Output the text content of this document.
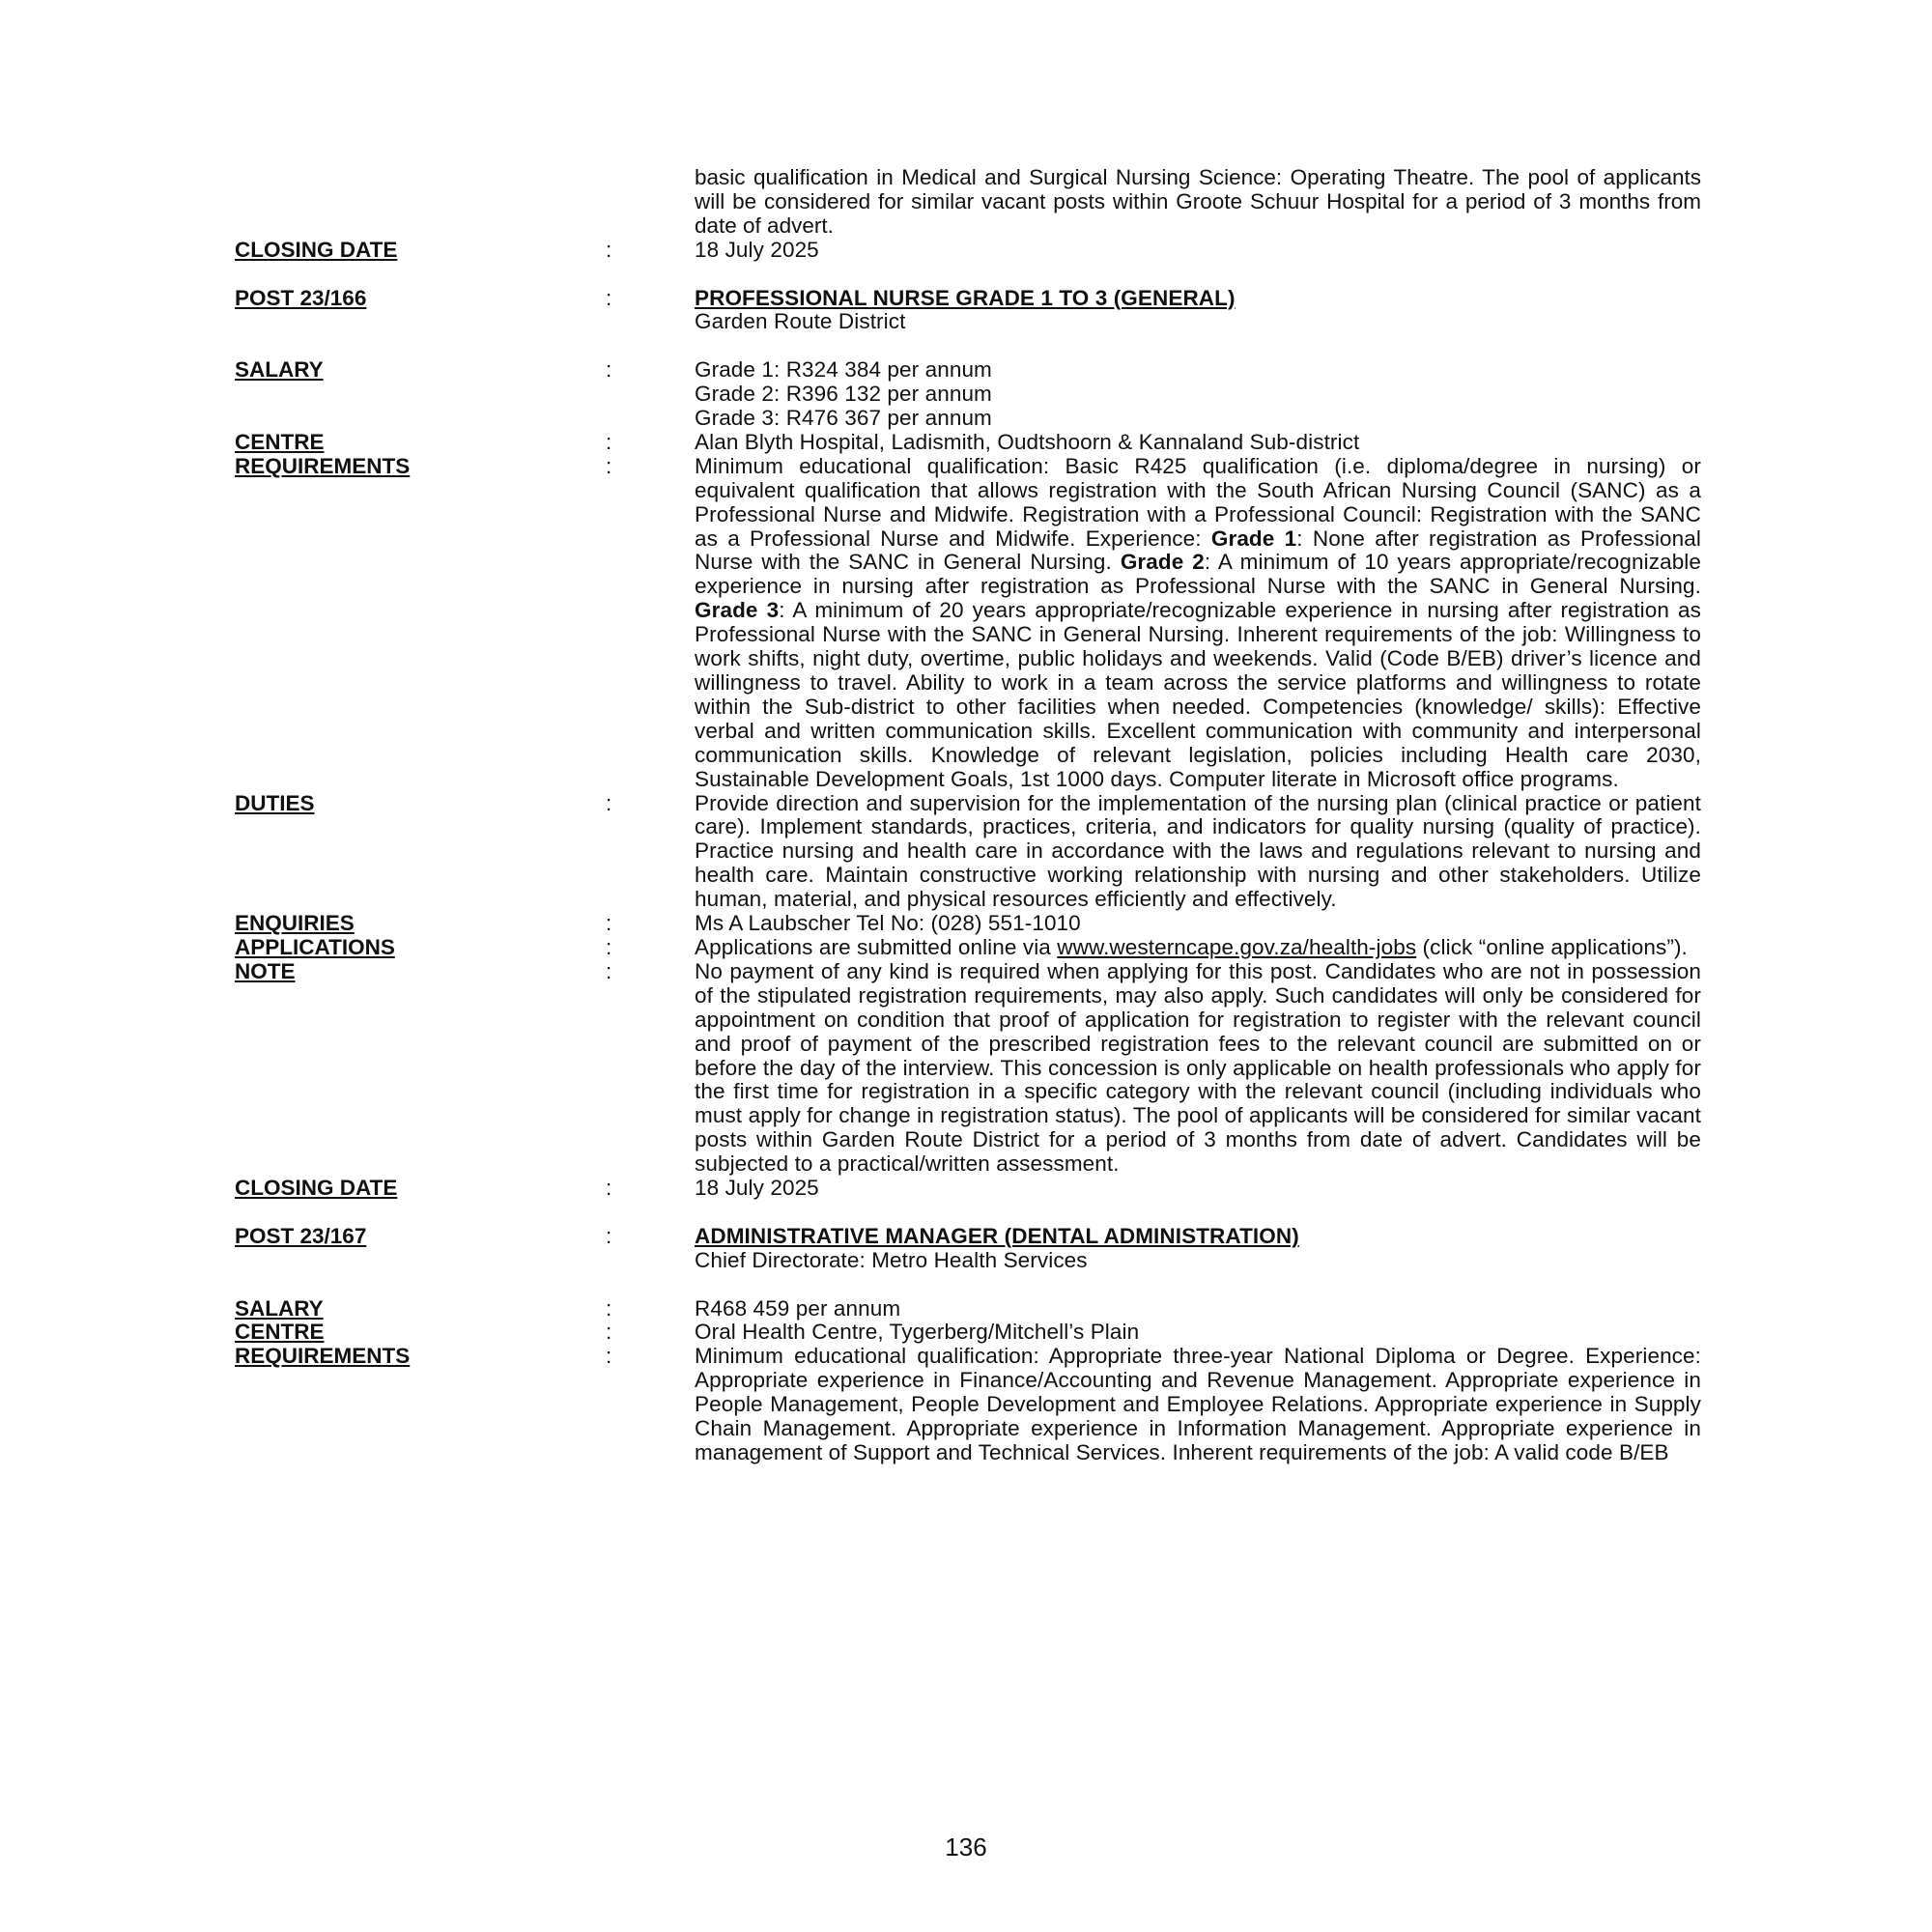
basic qualification in Medical and Surgical Nursing Science: Operating Theatre. The pool of applicants will be considered for similar vacant posts within Groote Schuur Hospital for a period of 3 months from date of advert.
CLOSING DATE	:	18 July 2025
POST 23/166	:	PROFESSIONAL NURSE GRADE 1 TO 3 (GENERAL)
Garden Route District
SALARY	:	Grade 1: R324 384 per annum
Grade 2: R396 132 per annum
Grade 3: R476 367 per annum
CENTRE	:	Alan Blyth Hospital, Ladismith, Oudtshoorn & Kannaland Sub-district
REQUIREMENTS	:	Minimum educational qualification: Basic R425 qualification (i.e. diploma/degree in nursing) or equivalent qualification that allows registration with the South African Nursing Council (SANC) as a Professional Nurse and Midwife. Registration with a Professional Council: Registration with the SANC as a Professional Nurse and Midwife. Experience: Grade 1: None after registration as Professional Nurse with the SANC in General Nursing. Grade 2: A minimum of 10 years appropriate/recognizable experience in nursing after registration as Professional Nurse with the SANC in General Nursing. Grade 3: A minimum of 20 years appropriate/recognizable experience in nursing after registration as Professional Nurse with the SANC in General Nursing. Inherent requirements of the job: Willingness to work shifts, night duty, overtime, public holidays and weekends. Valid (Code B/EB) driver’s licence and willingness to travel. Ability to work in a team across the service platforms and willingness to rotate within the Sub-district to other facilities when needed. Competencies (knowledge/ skills): Effective verbal and written communication skills. Excellent communication with community and interpersonal communication skills. Knowledge of relevant legislation, policies including Health care 2030, Sustainable Development Goals, 1st 1000 days. Computer literate in Microsoft office programs.
DUTIES	:	Provide direction and supervision for the implementation of the nursing plan (clinical practice or patient care). Implement standards, practices, criteria, and indicators for quality nursing (quality of practice). Practice nursing and health care in accordance with the laws and regulations relevant to nursing and health care. Maintain constructive working relationship with nursing and other stakeholders. Utilize human, material, and physical resources efficiently and effectively.
ENQUIRIES	:	Ms A Laubscher Tel No: (028) 551-1010
APPLICATIONS	:	Applications are submitted online via www.westerncape.gov.za/health-jobs (click “online applications”).
NOTE	:	No payment of any kind is required when applying for this post. Candidates who are not in possession of the stipulated registration requirements, may also apply. Such candidates will only be considered for appointment on condition that proof of application for registration to register with the relevant council and proof of payment of the prescribed registration fees to the relevant council are submitted on or before the day of the interview. This concession is only applicable on health professionals who apply for the first time for registration in a specific category with the relevant council (including individuals who must apply for change in registration status). The pool of applicants will be considered for similar vacant posts within Garden Route District for a period of 3 months from date of advert. Candidates will be subjected to a practical/written assessment.
CLOSING DATE	:	18 July 2025
POST 23/167	:	ADMINISTRATIVE MANAGER (DENTAL ADMINISTRATION)
Chief Directorate: Metro Health Services
SALARY	:	R468 459 per annum
CENTRE	:	Oral Health Centre, Tygerberg/Mitchell’s Plain
REQUIREMENTS	:	Minimum educational qualification: Appropriate three-year National Diploma or Degree. Experience: Appropriate experience in Finance/Accounting and Revenue Management. Appropriate experience in People Management, People Development and Employee Relations. Appropriate experience in Supply Chain Management. Appropriate experience in Information Management. Appropriate experience in management of Support and Technical Services. Inherent requirements of the job: A valid code B/EB
136
